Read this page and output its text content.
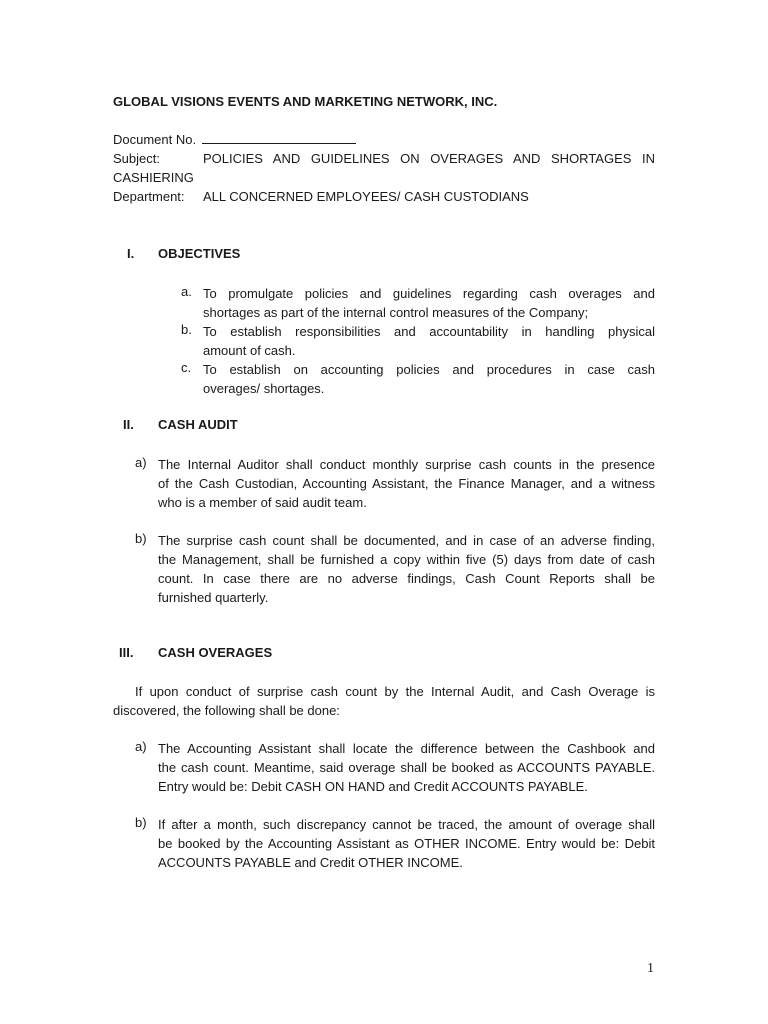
GLOBAL VISIONS EVENTS AND MARKETING NETWORK, INC.
Document No.
Subject:	POLICIES AND GUIDELINES ON OVERAGES AND SHORTAGES IN
CASHIERING
Department: ALL CONCERNED EMPLOYEES/ CASH CUSTODIANS
I. OBJECTIVES
a. To promulgate policies and guidelines regarding cash overages and
shortages as part of the internal control measures of the Company;
b. To establish responsibilities and accountability in handling physical
amount of cash.
c. To establish on accounting policies and procedures in case cash
overages/ shortages.
II. CASH AUDIT
a) The Internal Auditor shall conduct monthly surprise cash counts in the presence
of the Cash Custodian, Accounting Assistant, the Finance Manager, and a witness
who is a member of said audit team.
b) The surprise cash count shall be documented, and in case of an adverse finding,
the Management, shall be furnished a copy within five (5) days from date of cash
count. In case there are no adverse findings, Cash Count Reports shall be
furnished quarterly.
III. CASH OVERAGES
If upon conduct of surprise cash count by the Internal Audit, and Cash Overage is
discovered, the following shall be done:
a) The Accounting Assistant shall locate the difference between the Cashbook and
the cash count. Meantime, said overage shall be booked as ACCOUNTS PAYABLE.
Entry would be: Debit CASH ON HAND and Credit ACCOUNTS PAYABLE.
b) If after a month, such discrepancy cannot be traced, the amount of overage shall
be booked by the Accounting Assistant as OTHER INCOME. Entry would be: Debit
ACCOUNTS PAYABLE and Credit OTHER INCOME.
1
